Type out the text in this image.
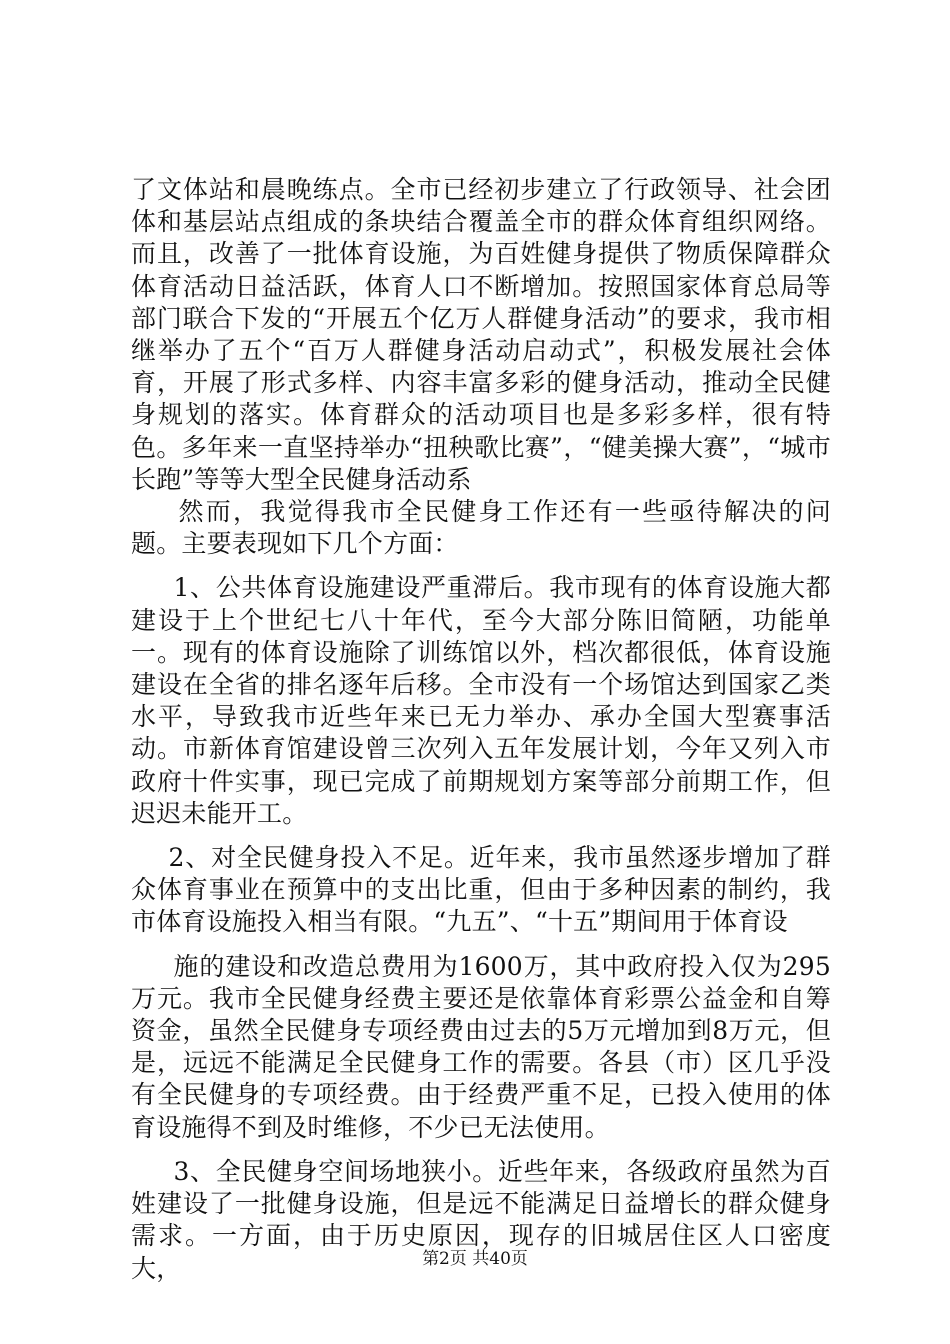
了文体站和晨晚练点。全市已经初步建立了行政领导、社会团体和基层站点组成的条块结合覆盖全市的群众体育组织网络。而且，改善了一批体育设施，为百姓健身提供了物质保障群众体育活动日益活跃，体育人口不断增加。按照国家体育总局等部门联合下发的“开展五个亿万人群健身活动”的要求，我市相继举办了五个“百万人群健身活动启动式”，积极发展社会体育，开展了形式多样、内容丰富多彩的健身活动，推动全民健身规划的落实。体育群众的活动项目也是多彩多样，很有特色。多年来一直坚持举办“扭秧歌比赛”，“健美操大赛”，“城市长跑”等等大型全民健身活动系

然而，我觉得我市全民健身工作还有一些亟待解决的问题。主要表现如下几个方面：

1、公共体育设施建设严重滞后。我市现有的体育设施大都建设于上个世纪七八十年代，至今大部分陈旧简陋，功能单一。现有的体育设施除了训练馆以外，档次都很低，体育设施建设在全省的排名逐年后移。全市没有一个场馆达到国家乙类水平，导致我市近些年来已无力举办、承办全国大型赛事活动。市新体育馆建设曾三次列入五年发展计划，今年又列入市政府十件实事，现已完成了前期规划方案等部分前期工作，但迟迟未能开工。

2、对全民健身投入不足。近年来，我市虽然逐步增加了群众体育事业在预算中的支出比重，但由于多种因素的制约，我市体育设施投入相当有限。“九五”、“十五”期间用于体育设

施的建设和改造总费用为1600万，其中政府投入仅为295万元。我市全民健身经费主要还是依靠体育彩票公益金和自筹资金，虽然全民健身专项经费由过去的5万元增加到8万元，但是，远远不能满足全民健身工作的需要。各县（市）区几乎没有全民健身的专项经费。由于经费严重不足，已投入使用的体育设施得不到及时维修，不少已无法使用。

3、全民健身空间场地狭小。近些年来，各级政府虽然为百姓建设了一批健身设施，但是远不能满足日益增长的群众健身需求。一方面，由于历史原因，现存的旧城居住区人口密度大，	第2页 共40页
